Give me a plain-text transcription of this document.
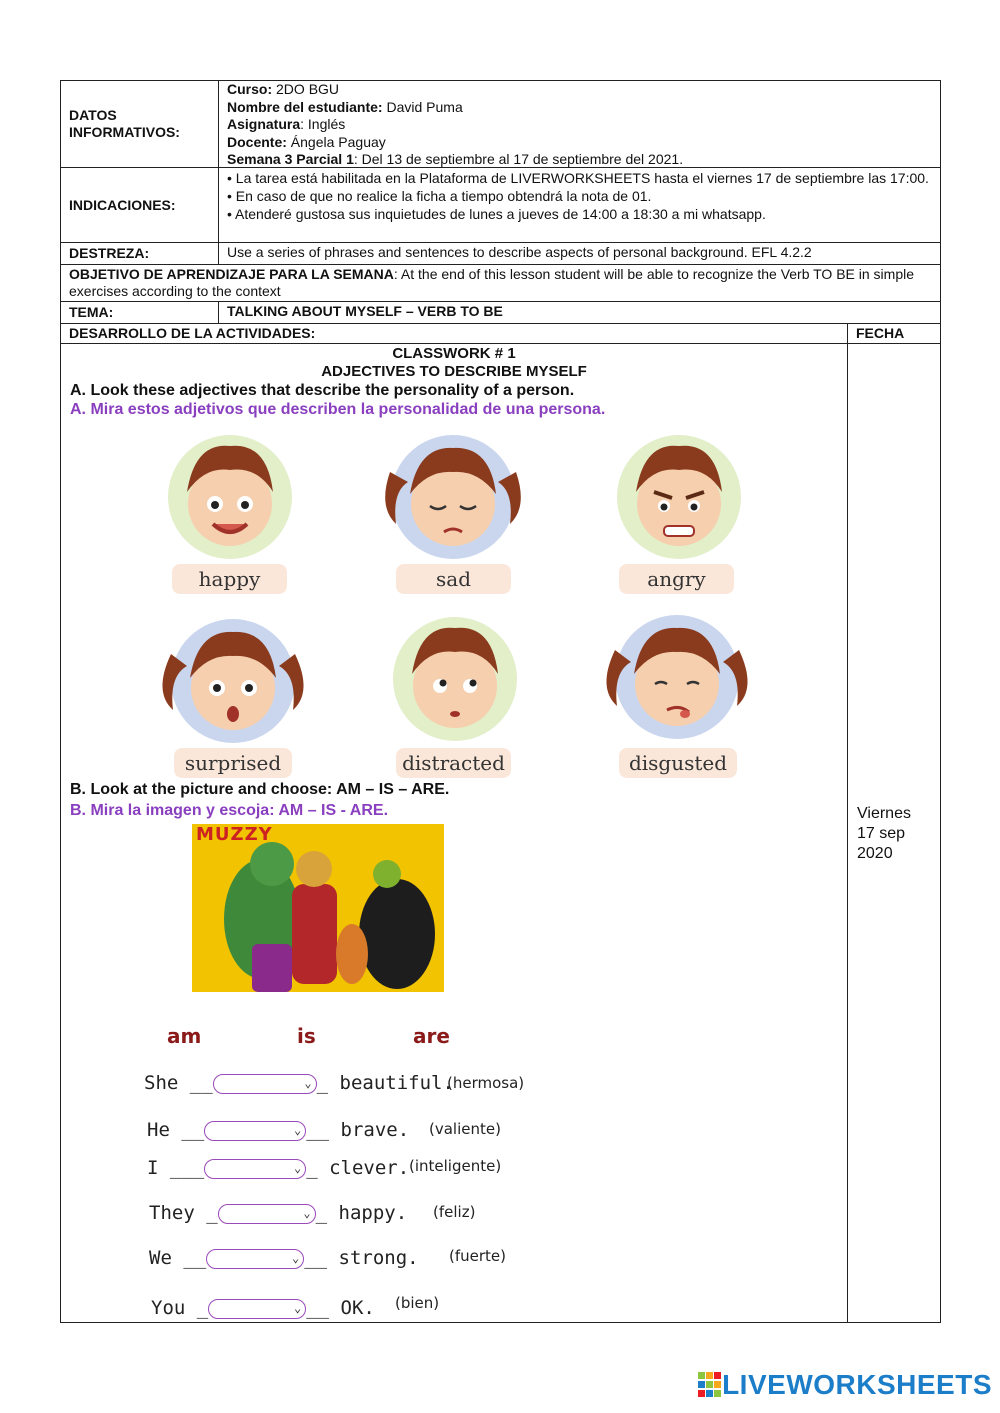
DATOS INFORMATIVOS:
Curso: 2DO BGU
Nombre del estudiante: David Puma
Asignatura: Inglés
Docente: Ángela Paguay
Semana 3 Parcial 1: Del 13 de septiembre al 17 de septiembre del 2021.
INDICACIONES:
• La tarea está habilitada en la Plataforma de LIVERWORKSHEETS hasta el viernes 17 de septiembre las 17:00.
• En caso de que no realice la ficha a tiempo obtendrá la nota de 01.
• Atenderé gustosa sus inquietudes de lunes a jueves de 14:00 a 18:30 a mi whatsapp.
DESTREZA:	Use a series of phrases and sentences to describe aspects of personal background. EFL 4.2.2
OBJETIVO DE APRENDIZAJE PARA LA SEMANA: At the end of this lesson student will be able to recognize the Verb TO BE in simple exercises according to the context
TEMA:	TALKING ABOUT MYSELF – VERB TO BE
DESARROLLO DE LA ACTIVIDADES:	FECHA
CLASSWORK # 1
ADJECTIVES TO DESCRIBE MYSELF
A. Look these adjectives that describe the personality of a person.
A. Mira estos adjetivos que describen la personalidad de una persona.
happy	sad	angry
surprised	distracted	disgusted
B. Look at the picture and choose: AM – IS – ARE.
B. Mira la imagen y escoja: AM – IS - ARE.
MUZZY
am	is	are
She __	⌄ _ beautiful.
(hermosa)
He __	⌄ __ brave. (valiente)
I ___	⌄ _ clever. (inteligente)
They _	⌄ _ happy. (feliz)
We __	⌄ __ strong. (fuerte)
You _	⌄ __ OK. (bien)
Viernes
17 sep
2020
LIVEWORKSHEETS
